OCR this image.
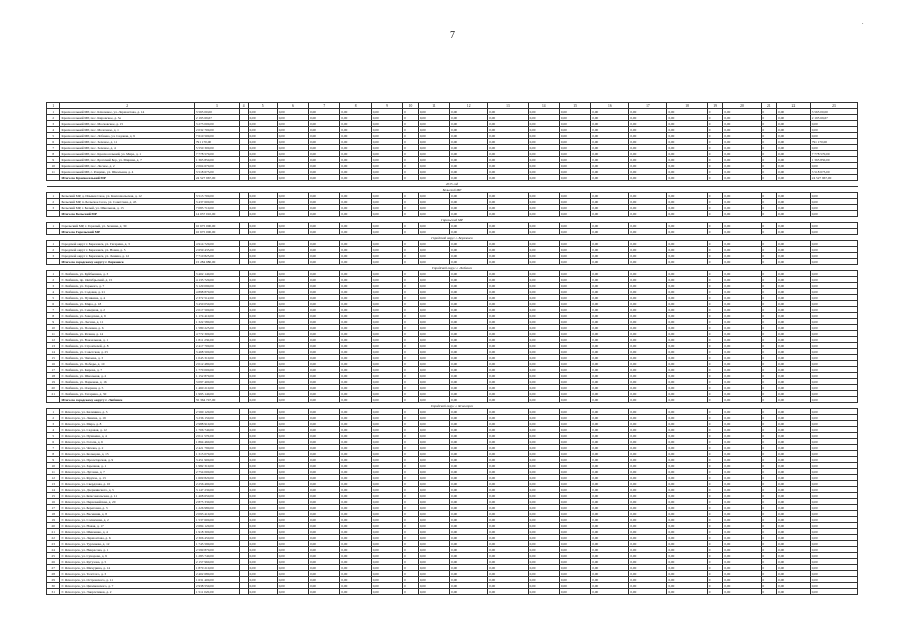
7
.
1	2	3	4	5	6	7	8	9	10	11	12	13	14	15	16	17	18	19	20	21	22	23
1	Красноселький МР, пос. Ключевое, ул. Лермонтова, д. 14	3 565 00,00		0,00	0,00	0,00	0,00	0,00	0	0,00	0,00	0,00	0,00	0,00	0,00	0,00	0,00	0	0,00	0	0,00	3 565 00,00
2	Красноселький МР, пос. Кировское, д. 3а	2 195 69,67		0,00	0,00	0,00	0,00	0,00	0	0,00	0,00	0,00	0,00	0,00	0,00	0,00	0,00	0	0,00	0	0,00	2 195 69,67
3	Красноселький МР, пос. Московское, д. 15	3 273 000,00		0,00	0,00	0,00	0,00	0,00	0	0,00	0,00	0,00	0,00	0,00	0,00	0,00	0,00	0	0,00	0	0,00	0,00
4	Красноселький МР, пос. Молочное, д. 1	2 032 700,00		0,00	0,00	0,00	0,00	0,00	0	0,00	0,00	0,00	0,00	0,00	0,00	0,00	0,00	0	0,00	0	0,00	0,00
5	Красноселький МР, пос. Лобнево, ул. Садовая, д. 9	7 610 500,00		0,00	0,00	0,00	0,00	0,00	0	0,00	0,00	0,00	0,00	0,00	0,00	0,00	0,00	0	0,00	0	0,00	0,00
6	Красноселький МР, пос. Зеленое, д. 11	791 170,00		0,00	0,00	0,00	0,00	0,00	0	0,00	0,00	0,00	0,00	0,00	0,00	0,00	0,00	0	0,00	0	0,00	791 170,00
7	Красноселький МР, пос. Зеленое, д. 4	5 550 300,00		0,00	0,00	0,00	0,00	0,00	0	0,00	0,00	0,00	0,00	0,00	0,00	0,00	0,00	0	0,00	0	0,00	0,00
8	Красноселький МР, пос. Красноселький, ул. Мира, д. 1	7 778 570,00		0,00	0,00	0,00	0,00	0,00	0	0,00	0,00	0,00	0,00	0,00	0,00	0,00	0,00	0	0,00	0	0,00	7 778 570,00
9	Красноселький МР, пос. Братский Бор, ул. Мирная, д. 7	1 365 850,00		0,00	0,00	0,00	0,00	0,00	0	0,00	0,00	0,00	0,00	0,00	0,00	0,00	0,00	0	0,00	0	0,00	1 365 850,00
10	Красноселький МР, пос. Лесное, д. 2	2 004 670,00		0,00	0,00	0,00	0,00	0,00	0	0,00	0,00	0,00	0,00	0,00	0,00	0,00	0,00	0	0,00	0	0,00	0,00
11	Красноселький МР, с. Рощино, ул. Школьная, д. 4	3 518 673,00		0,00	0,00	0,00	0,00	0,00	0	0,00	0,00	0,00	0,00	0,00	0,00	0,00	0,00	0	0,00	0	0,00	3 518 673,00
	Итого по Красноселький МР	24 527 967,00		0,00	0,00	0,00	0,00	0,00	0	0,00	0,00	0,00	0,00	0,00	0,00	0,00	0,00	0	0,00	0	0,00	24 527 967,00
2015 год																						
Бельский МР																						
1	Бельский МР, д. Ильмен Ское, ул. Комсомольская, д. 12	3 513 700,00		0,00	0,00	0,00	0,00	0,00	0	0,00	0,00	0,00	0,00	0,00	0,00	0,00	0,00	0	0,00	0	0,00	0,00
2	Бельский МР, п. Бельское Село, ул. Советская, д. 45	3 437 600,00		0,00	0,00	0,00	0,00	0,00	0	0,00	0,00	0,00	0,00	0,00	0,00	0,00	0,00	0	0,00	0	0,00	0,00
3	Бельский МР, г. Белый, ул. Школьная, д. 15	7 085 710,00		0,00	0,00	0,00	0,00	0,00	0	0,00	0,00	0,00	0,00	0,00	0,00	0,00	0,00	0	0,00	0	0,00	0,00
	Итого по Бельский МР	14 037 010,00		0,00	0,00	0,00	0,00	0,00	0	0,00	0,00	0,00	0,00	0,00	0,00	0,00	0,00	0	0,00	0	0,00	0,00
Горельский МР																						
1	Горельский МР, г. Горелый, ул. Зеленая, д. 30	10 675 000,00		0,00	0,00	0,00	0,00	0,00	0	0,00	0,00	0,00	0,00	0,00	0,00	0,00	0,00	0	0,00	0	0,00	0,00
	Итого по Горельский МР	10 675 000,00		0,00	0,00	0,00	0,00	0,00	0	0,00	0,00	0,00	0,00	0,00	0,00	0,00	0,00	0	0,00	0	0,00	0,00
Городской округ г. Березовск																						
1	Городской округ г. Березовск, ул. Гагарина, д. 3	4 914 720,00		0,00	0,00	0,00	0,00	0,00	0	0,00	0,00	0,00	0,00	0,00	0,00	0,00	0,00	0	0,00	0	0,00	0,00
2	Городской округ г. Березовск, ул. Новая, д. 5	2 659 435,00		0,00	0,00	0,00	0,00	0,00	0	0,00	0,00	0,00	0,00	0,00	0,00	0,00	0,00	0	0,00	0	0,00	0,00
3	Городской округ г. Березовск, ул. Ленина, д. 12	7 710 825,00		0,00	0,00	0,00	0,00	0,00	0	0,00	0,00	0,00	0,00	0,00	0,00	0,00	0,00	0	0,00	0	0,00	0,00
	Итого по городскому округу г. Березовск	15 284 980,00		0,00	0,00	0,00	0,00	0,00	0	0,00	0,00	0,00	0,00	0,00	0,00	0,00	0,00	0	0,00	0	0,00	0,00
Городской округ г. Любинск																						
1	Г. Любинск, ул. Куйбышева, д. 3	3 402 140,00		0,00	0,00	0,00	0,00	0,00	0	0,00	0,00	0,00	0,00	0,00	0,00	0,00	0,00	0	0,00	0	0,00	0,00
2	Г. Любинск, пр. Октябрьский, д. 15	4 135 720,00		0,00	0,00	0,00	0,00	0,00	0	0,00	0,00	0,00	0,00	0,00	0,00	0,00	0,00	0	0,00	0	0,00	0,00
3	Г. Любинск, ул. Горького, д. 7	3 129 090,00		0,00	0,00	0,00	0,00	0,00	0	0,00	0,00	0,00	0,00	0,00	0,00	0,00	0,00	0	0,00	0	0,00	0,00
4	Г. Любинск, ул. Садовая, д. 21	4 898 870,00		0,00	0,00	0,00	0,00	0,00	0	0,00	0,00	0,00	0,00	0,00	0,00	0,00	0,00	0	0,00	0	0,00	0,00
5	Г. Любинск, ул. Пушкина, д. 4	2 372 512,00		0,00	0,00	0,00	0,00	0,00	0	0,00	0,00	0,00	0,00	0,00	0,00	0,00	0,00	0	0,00	0	0,00	0,00
6	Г. Любинск, ул. Мира, д. 18	3 450 050,00		0,00	0,00	0,00	0,00	0,00	0	0,00	0,00	0,00	0,00	0,00	0,00	0,00	0,00	0	0,00	0	0,00	0,00
7	Г. Любинск, ул. Северная, д. 2	2 017 500,00		0,00	0,00	0,00	0,00	0,00	0	0,00	0,00	0,00	0,00	0,00	0,00	0,00	0,00	0	0,00	0	0,00	0,00
8	Г. Любинск, ул. Заводская, д. 9	1 174 410,00		0,00	0,00	0,00	0,00	0,00	0	0,00	0,00	0,00	0,00	0,00	0,00	0,00	0,00	0	0,00	0	0,00	0,00
9	Г. Любинск, ул. Лесная, д. 11	1 322 580,00		0,00	0,00	0,00	0,00	0,00	0	0,00	0,00	0,00	0,00	0,00	0,00	0,00	0,00	0	0,00	0	0,00	0,00
10	Г. Любинск, ул. Полевая, д. 6	1 580 225,00		0,00	0,00	0,00	0,00	0,00	0	0,00	0,00	0,00	0,00	0,00	0,00	0,00	0,00	0	0,00	0	0,00	0,00
11	Г. Любинск, ул. Речная, д. 14	4 772 300,00		0,00	0,00	0,00	0,00	0,00	0	0,00	0,00	0,00	0,00	0,00	0,00	0,00	0,00	0	0,00	0	0,00	0,00
12	Г. Любинск, ул. Вокзальная, д. 1	1 811 230,00		0,00	0,00	0,00	0,00	0,00	0	0,00	0,00	0,00	0,00	0,00	0,00	0,00	0,00	0	0,00	0	0,00	0,00
13	Г. Любинск, ул. Строителей, д. 8	2 417 700,00		0,00	0,00	0,00	0,00	0,00	0	0,00	0,00	0,00	0,00	0,00	0,00	0,00	0,00	0	0,00	0	0,00	0,00
14	Г. Любинск, ул. Советская, д. 25	3 468 500,00		0,00	0,00	0,00	0,00	0,00	0	0,00	0,00	0,00	0,00	0,00	0,00	0,00	0,00	0	0,00	0	0,00	0,00
15	Г. Любинск, ул. Чапаева, д. 3	1 045 310,00		0,00	0,00	0,00	0,00	0,00	0	0,00	0,00	0,00	0,00	0,00	0,00	0,00	0,00	0	0,00	0	0,00	0,00
16	Г. Любинск, ул. Победы, д. 10	2 012 480,00		0,00	0,00	0,00	0,00	0,00	0	0,00	0,00	0,00	0,00	0,00	0,00	0,00	0,00	0	0,00	0	0,00	0,00
17	Г. Любинск, ул. Кирова, д. 7	1 770 000,00		0,00	0,00	0,00	0,00	0,00	0	0,00	0,00	0,00	0,00	0,00	0,00	0,00	0,00	0	0,00	0	0,00	0,00
18	Г. Любинск, ул. Школьная, д. 2	1 152 870,00		0,00	0,00	0,00	0,00	0,00	0	0,00	0,00	0,00	0,00	0,00	0,00	0,00	0,00	0	0,00	0	0,00	0,00
19	Г. Любинск, ул. Парковая, д. 16	3 097 400,00		0,00	0,00	0,00	0,00	0,00	0	0,00	0,00	0,00	0,00	0,00	0,00	0,00	0,00	0	0,00	0	0,00	0,00
20	Г. Любинск, ул. Озерная, д. 5	1 460 210,00		0,00	0,00	0,00	0,00	0,00	0	0,00	0,00	0,00	0,00	0,00	0,00	0,00	0,00	0	0,00	0	0,00	0,00
21	Г. Любинск, ул. Гагарина, д. 30	1 995 140,00		0,00	0,00	0,00	0,00	0,00	0	0,00	0,00	0,00	0,00	0,00	0,00	0,00	0,00	0	0,00	0	0,00	0,00
	Итого по городскому округу г. Любинск	55 364 747,00		0,00	0,00	0,00	0,00	0,00	0	0,00	0,00	0,00	0,00	0,00	0,00	0,00	0,00	0	0,00	0	0,00	0,00
Городской округ г. Ясногорск																						
1	Г. Ясногорск, ул. Калинина, д. 3	2 560 120,00		0,00	0,00	0,00	0,00	0,00	0	0,00	0,00	0,00	0,00	0,00	0,00	0,00	0,00	0	0,00	0	0,00	0,00
2	Г. Ясногорск, ул. Ленина, д. 19	3 236 150,00		0,00	0,00	0,00	0,00	0,00	0	0,00	0,00	0,00	0,00	0,00	0,00	0,00	0,00	0	0,00	0	0,00	0,00
3	Г. Ясногорск, ул. Мира, д. 8	2 988 910,00		0,00	0,00	0,00	0,00	0,00	0	0,00	0,00	0,00	0,00	0,00	0,00	0,00	0,00	0	0,00	0	0,00	0,00
4	Г. Ясногорск, ул. Садовая, д. 12	1 706 740,00		0,00	0,00	0,00	0,00	0,00	0	0,00	0,00	0,00	0,00	0,00	0,00	0,00	0,00	0	0,00	0	0,00	0,00
5	Г. Ясногорск, ул. Пушкина, д. 4	2 011 570,00		0,00	0,00	0,00	0,00	0,00	0	0,00	0,00	0,00	0,00	0,00	0,00	0,00	0,00	0	0,00	0	0,00	0,00
6	Г. Ясногорск, ул. Гоголя, д. 6	1 864 460,00		0,00	0,00	0,00	0,00	0,00	0	0,00	0,00	0,00	0,00	0,00	0,00	0,00	0,00	0	0,00	0	0,00	0,00
7	Г. Ясногорск, ул. Чехова, д. 2	2 421 790,00		0,00	0,00	0,00	0,00	0,00	0	0,00	0,00	0,00	0,00	0,00	0,00	0,00	0,00	0	0,00	0	0,00	0,00
8	Г. Ясногорск, ул. Кольцова, д. 15	1 315 070,00		0,00	0,00	0,00	0,00	0,00	0	0,00	0,00	0,00	0,00	0,00	0,00	0,00	0,00	0	0,00	0	0,00	0,00
9	Г. Ясногорск, ул. Пролетарская, д. 9	3 451 900,00		0,00	0,00	0,00	0,00	0,00	0	0,00	0,00	0,00	0,00	0,00	0,00	0,00	0,00	0	0,00	0	0,00	0,00
10	Г. Ясногорск, ул. Заречная, д. 1	1 982 310,00		0,00	0,00	0,00	0,00	0,00	0	0,00	0,00	0,00	0,00	0,00	0,00	0,00	0,00	0	0,00	0	0,00	0,00
11	Г. Ясногорск, ул. Луговая, д. 7	2 754 000,00		0,00	0,00	0,00	0,00	0,00	0	0,00	0,00	0,00	0,00	0,00	0,00	0,00	0,00	0	0,00	0	0,00	0,00
12	Г. Ясногорск, ул. Фрунзе, д. 13	1 609 820,00		0,00	0,00	0,00	0,00	0,00	0	0,00	0,00	0,00	0,00	0,00	0,00	0,00	0,00	0	0,00	0	0,00	0,00
13	Г. Ясногорск, ул. Свердлова, д. 10	2 256 490,00		0,00	0,00	0,00	0,00	0,00	0	0,00	0,00	0,00	0,00	0,00	0,00	0,00	0,00	0	0,00	0	0,00	0,00
14	Г. Ясногорск, ул. Дзержинского, д. 5	3 147 230,00		0,00	0,00	0,00	0,00	0,00	0	0,00	0,00	0,00	0,00	0,00	0,00	0,00	0,00	0	0,00	0	0,00	0,00
15	Г. Ясногорск, ул. Комсомольская, д. 11	1 408 650,00		0,00	0,00	0,00	0,00	0,00	0	0,00	0,00	0,00	0,00	0,00	0,00	0,00	0,00	0	0,00	0	0,00	0,00
16	Г. Ясногорск, ул. Первомайская, д. 20	2 875 330,00		0,00	0,00	0,00	0,00	0,00	0	0,00	0,00	0,00	0,00	0,00	0,00	0,00	0,00	0	0,00	0	0,00	0,00
17	Г. Ясногорск, ул. Береговая, д. 3	1 226 980,00		0,00	0,00	0,00	0,00	0,00	0	0,00	0,00	0,00	0,00	0,00	0,00	0,00	0,00	0	0,00	0	0,00	0,00
18	Г. Ясногорск, ул. Весенняя, д. 8	2 093 410,00		0,00	0,00	0,00	0,00	0,00	0	0,00	0,00	0,00	0,00	0,00	0,00	0,00	0,00	0	0,00	0	0,00	0,00
19	Г. Ясногорск, ул. Солнечная, д. 2	1 537 600,00		0,00	0,00	0,00	0,00	0,00	0	0,00	0,00	0,00	0,00	0,00	0,00	0,00	0,00	0	0,00	0	0,00	0,00
20	Г. Ясногорск, ул. Новая, д. 17	2 684 120,00		0,00	0,00	0,00	0,00	0,00	0	0,00	0,00	0,00	0,00	0,00	0,00	0,00	0,00	0	0,00	0	0,00	0,00
21	Г. Ясногорск, ул. Шевченко, д. 4	1 918 300,00		0,00	0,00	0,00	0,00	0,00	0	0,00	0,00	0,00	0,00	0,00	0,00	0,00	0,00	0	0,00	0	0,00	0,00
22	Г. Ясногорск, ул. Лермонтова, д. 6	2 306 450,00		0,00	0,00	0,00	0,00	0,00	0	0,00	0,00	0,00	0,00	0,00	0,00	0,00	0,00	0	0,00	0	0,00	0,00
23	Г. Ясногорск, ул. Тургенева, д. 12	1 745 590,00		0,00	0,00	0,00	0,00	0,00	0	0,00	0,00	0,00	0,00	0,00	0,00	0,00	0,00	0	0,00	0	0,00	0,00
24	Г. Ясногорск, ул. Некрасова, д. 1	2 599 870,00		0,00	0,00	0,00	0,00	0,00	0	0,00	0,00	0,00	0,00	0,00	0,00	0,00	0,00	0	0,00	0	0,00	0,00
25	Г. Ясногорск, ул. Суворова, д. 9	1 283 740,00		0,00	0,00	0,00	0,00	0,00	0	0,00	0,00	0,00	0,00	0,00	0,00	0,00	0,00	0	0,00	0	0,00	0,00
26	Г. Ясногорск, ул. Кутузова, д. 5	2 157 960,00		0,00	0,00	0,00	0,00	0,00	0	0,00	0,00	0,00	0,00	0,00	0,00	0,00	0,00	0	0,00	0	0,00	0,00
27	Г. Ясногорск, ул. Мичурина, д. 14	1 870 210,00		0,00	0,00	0,00	0,00	0,00	0	0,00	0,00	0,00	0,00	0,00	0,00	0,00	0,00	0	0,00	0	0,00	0,00
28	Г. Ясногорск, ул. Толстого, д. 3	2 402 680,00		0,00	0,00	0,00	0,00	0,00	0	0,00	0,00	0,00	0,00	0,00	0,00	0,00	0,00	0	0,00	0	0,00	0,00
29	Г. Ясногорск, ул. Островского, д. 11	1 631 400,00		0,00	0,00	0,00	0,00	0,00	0	0,00	0,00	0,00	0,00	0,00	0,00	0,00	0,00	0	0,00	0	0,00	0,00
30	Г. Ясногорск, ул. Циолковского, д. 7	2 938 550,00		0,00	0,00	0,00	0,00	0,00	0	0,00	0,00	0,00	0,00	0,00	0,00	0,00	0,00	0	0,00	0	0,00	0,00
31	Г. Ясногорск, ул. Энергетиков, д. 2	1 511 020,00		0,00	0,00	0,00	0,00	0,00	0	0,00	0,00	0,00	0,00	0,00	0,00	0,00	0,00	0	0,00	0	0,00	0,00
